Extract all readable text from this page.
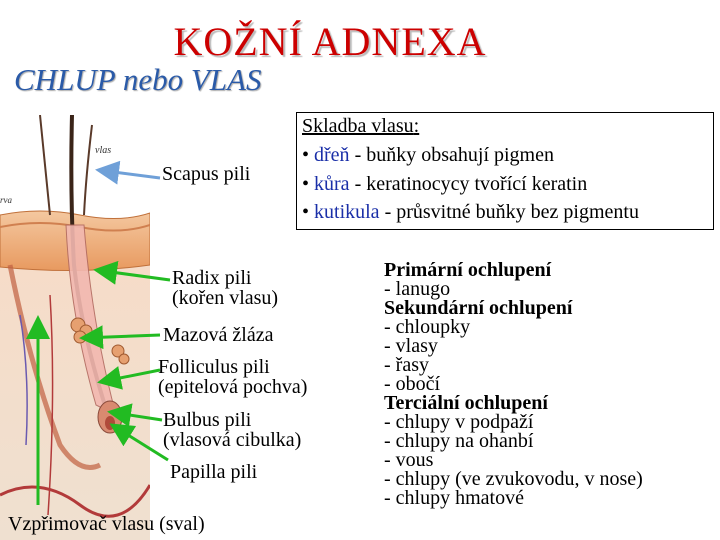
KOŽNÍ ADNEXA
CHLUP nebo VLAS
vlas
rva
Scapus pili
Radix pili
(kořen vlasu)
Mazová žláza
Folliculus pili
(epitelová pochva)
Bulbus pili
(vlasová cibulka)
Papilla pili
Vzpřimovač vlasu (sval)
Skladba vlasu:
• dřeň - buňky obsahují pigmen
• kůra - keratinocycy tvořící keratin
• kutikula - průsvitné buňky bez pigmentu
Primární ochlupení
- lanugo
Sekundární ochlupení
- chloupky
- vlasy
- řasy
- obočí
Terciální ochlupení
- chlupy v podpaží
- chlupy na ohanbí
- vous
- chlupy (ve zvukovodu, v nose)
- chlupy hmatové
